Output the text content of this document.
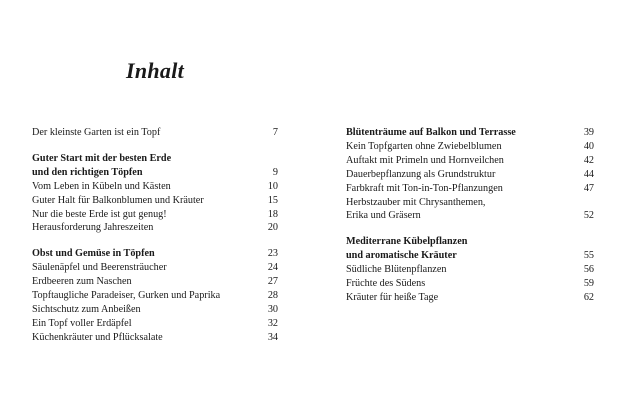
Inhalt
Der kleinste Garten ist ein Topf	7
Guter Start mit der besten Erde
und den richtigen Töpfen	9
Vom Leben in Kübeln und Kästen	10
Guter Halt für Balkonblumen und Kräuter	15
Nur die beste Erde ist gut genug!	18
Herausforderung Jahreszeiten	20
Obst und Gemüse in Töpfen	23
Säulenäpfel und Beerensträucher	24
Erdbeeren zum Naschen	27
Topftaugliche Paradeiser, Gurken und Paprika	28
Sichtschutz zum Anbeißen	30
Ein Topf voller Erdäpfel	32
Küchenkräuter und Pflücksalate	34
Blütenträume auf Balkon und Terrasse	39
Kein Topfgarten ohne Zwiebelblumen	40
Auftakt mit Primeln und Hornveilchen	42
Dauerbepflanzung als Grundstruktur	44
Farbkraft mit Ton-in-Ton-Pflanzungen	47
Herbstzauber mit Chrysanthemen,
Erika und Gräsern	52
Mediterrane Kübelpflanzen
und aromatische Kräuter	55
Südliche Blütenpflanzen	56
Früchte des Südens	59
Kräuter für heiße Tage	62
